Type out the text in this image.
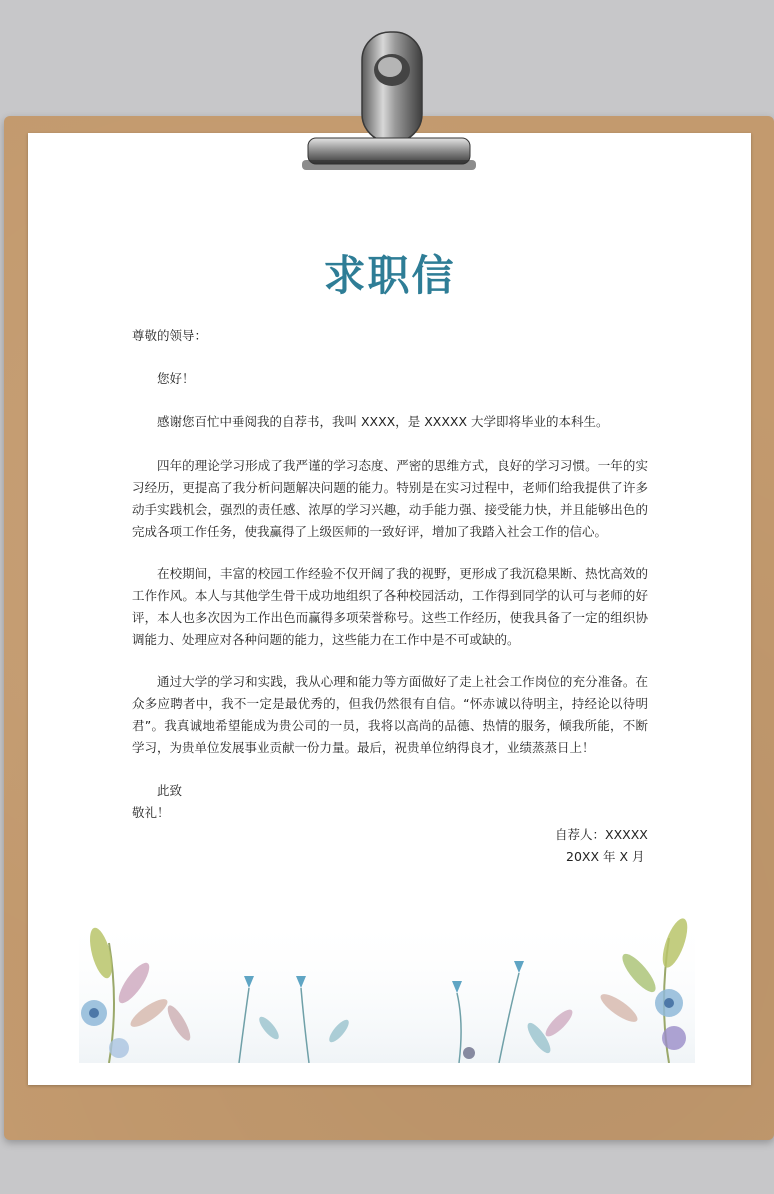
求职信
尊敬的领导：
您好！
感谢您百忙中垂阅我的自荐书，我叫 XXXX，是 XXXXX 大学即将毕业的本科生。
四年的理论学习形成了我严谨的学习态度、严密的思维方式，良好的学习习惯。一年的实习经历，更提高了我分析问题解决问题的能力。特别是在实习过程中，老师们给我提供了许多动手实践机会，强烈的责任感、浓厚的学习兴趣，动手能力强、接受能力快，并且能够出色的完成各项工作任务，使我赢得了上级医师的一致好评，增加了我踏入社会工作的信心。
在校期间，丰富的校园工作经验不仅开阔了我的视野，更形成了我沉稳果断、热忱高效的工作作风。本人与其他学生骨干成功地组织了各种校园活动，工作得到同学的认可与老师的好评，本人也多次因为工作出色而赢得多项荣誉称号。这些工作经历，使我具备了一定的组织协调能力、处理应对各种问题的能力，这些能力在工作中是不可或缺的。
通过大学的学习和实践，我从心理和能力等方面做好了走上社会工作岗位的充分准备。在众多应聘者中，我不一定是最优秀的，但我仍然很有自信。“怀赤诚以待明主，持经论以待明君”。我真诚地希望能成为贵公司的一员，我将以高尚的品德、热情的服务，倾我所能，不断学习，为贵单位发展事业贡献一份力量。最后，祝贵单位纳得良才，业绩蒸蒸日上！
此致
敬礼！
自荐人：XXXXX
20XX 年 X 月
